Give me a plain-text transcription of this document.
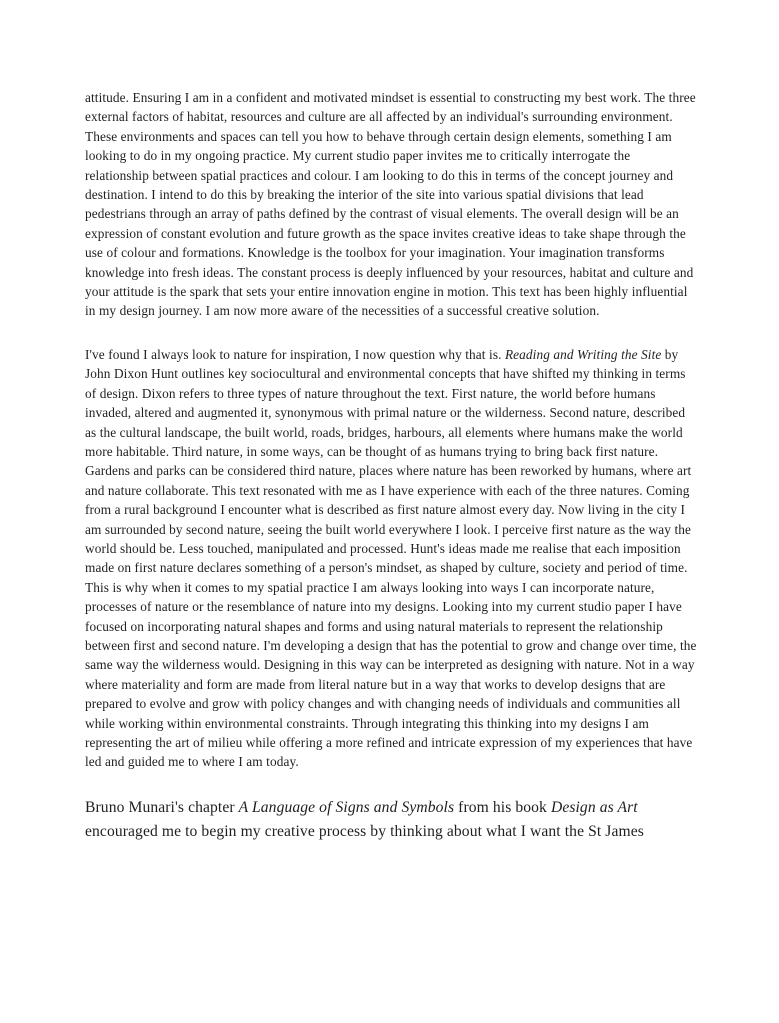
attitude. Ensuring I am in a confident and motivated mindset is essential to constructing my best work. The three external factors of habitat, resources and culture are all affected by an individual's surrounding environment. These environments and spaces can tell you how to behave through certain design elements, something I am looking to do in my ongoing practice. My current studio paper invites me to critically interrogate the relationship between spatial practices and colour. I am looking to do this in terms of the concept journey and destination. I intend to do this by breaking the interior of the site into various spatial divisions that lead pedestrians through an array of paths defined by the contrast of visual elements. The overall design will be an expression of constant evolution and future growth as the space invites creative ideas to take shape through the use of colour and formations. Knowledge is the toolbox for your imagination. Your imagination transforms knowledge into fresh ideas. The constant process is deeply influenced by your resources, habitat and culture and your attitude is the spark that sets your entire innovation engine in motion. This text has been highly influential in my design journey. I am now more aware of the necessities of a successful creative solution.

I've found I always look to nature for inspiration, I now question why that is. Reading and Writing the Site by John Dixon Hunt outlines key sociocultural and environmental concepts that have shifted my thinking in terms of design. Dixon refers to three types of nature throughout the text. First nature, the world before humans invaded, altered and augmented it, synonymous with primal nature or the wilderness. Second nature, described as the cultural landscape, the built world, roads, bridges, harbours, all elements where humans make the world more habitable. Third nature, in some ways, can be thought of as humans trying to bring back first nature. Gardens and parks can be considered third nature, places where nature has been reworked by humans, where art and nature collaborate. This text resonated with me as I have experience with each of the three natures. Coming from a rural background I encounter what is described as first nature almost every day. Now living in the city I am surrounded by second nature, seeing the built world everywhere I look. I perceive first nature as the way the world should be. Less touched, manipulated and processed. Hunt's ideas made me realise that each imposition made on first nature declares something of a person's mindset, as shaped by culture, society and period of time. This is why when it comes to my spatial practice I am always looking into ways I can incorporate nature, processes of nature or the resemblance of nature into my designs. Looking into my current studio paper I have focused on incorporating natural shapes and forms and using natural materials to represent the relationship between first and second nature. I'm developing a design that has the potential to grow and change over time, the same way the wilderness would. Designing in this way can be interpreted as designing with nature. Not in a way where materiality and form are made from literal nature but in a way that works to develop designs that are prepared to evolve and grow with policy changes and with changing needs of individuals and communities all while working within environmental constraints. Through integrating this thinking into my designs I am representing the art of milieu while offering a more refined and intricate expression of my experiences that have led and guided me to where I am today.

Bruno Munari's chapter A Language of Signs and Symbols from his book Design as Art encouraged me to begin my creative process by thinking about what I want the St James
